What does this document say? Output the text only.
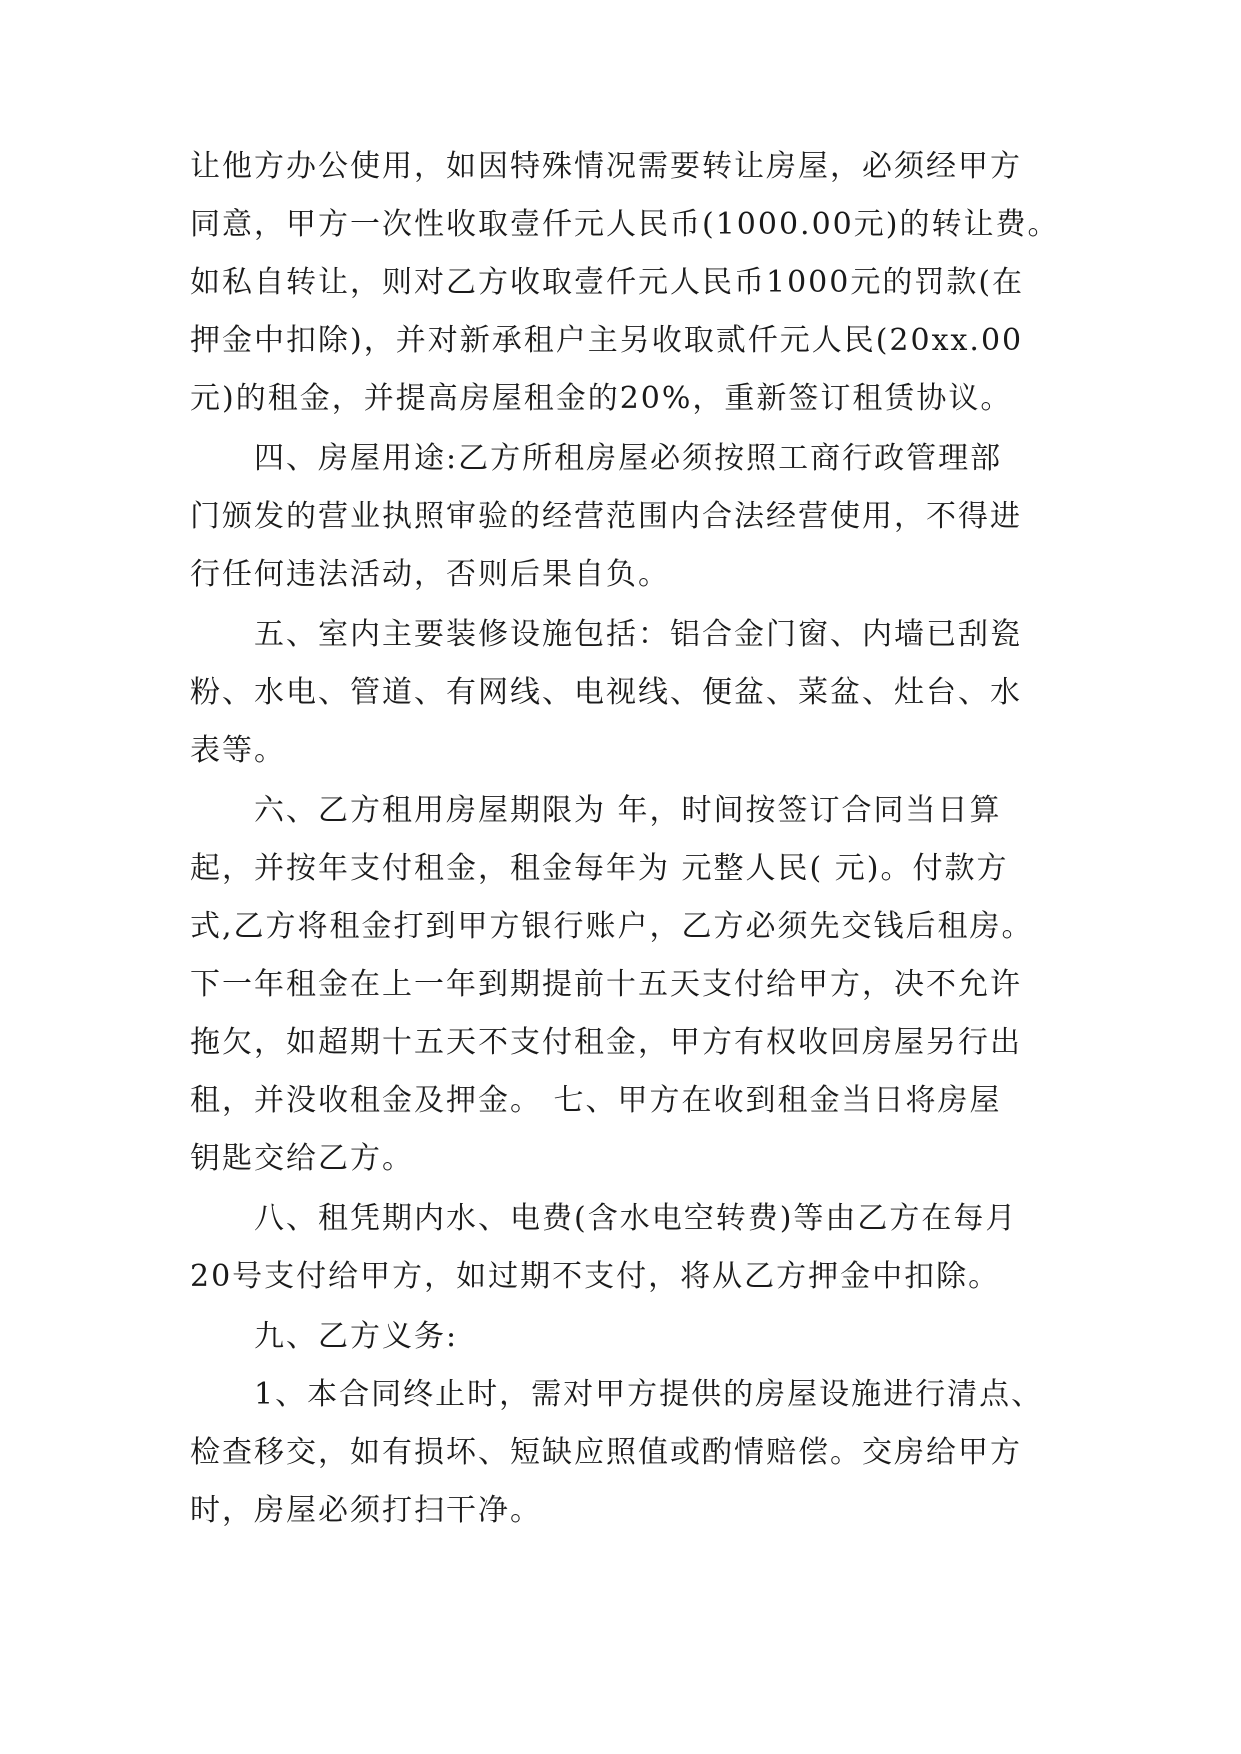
让他方办公使用，如因特殊情况需要转让房屋，必须经甲方
同意，甲方一次性收取壹仟元人民币(1000.00元)的转让费。
如私自转让，则对乙方收取壹仟元人民币1000元的罚款(在
押金中扣除)，并对新承租户主另收取贰仟元人民(20xx.00
元)的租金，并提高房屋租金的20%，重新签订租赁协议。
　　四、房屋用途:乙方所租房屋必须按照工商行政管理部
门颁发的营业执照审验的经营范围内合法经营使用，不得进
行任何违法活动，否则后果自负。
　　五、室内主要装修设施包括：铝合金门窗、内墙已刮瓷
粉、水电、管道、有网线、电视线、便盆、菜盆、灶台、水
表等。
　　六、乙方租用房屋期限为 年，时间按签订合同当日算
起，并按年支付租金，租金每年为 元整人民( 元)。付款方
式,乙方将租金打到甲方银行账户，乙方必须先交钱后租房。
下一年租金在上一年到期提前十五天支付给甲方，决不允许
拖欠，如超期十五天不支付租金，甲方有权收回房屋另行出
租，并没收租金及押金。 七、甲方在收到租金当日将房屋
钥匙交给乙方。
　　八、租凭期内水、电费(含水电空转费)等由乙方在每月
20号支付给甲方，如过期不支付，将从乙方押金中扣除。
　　九、乙方义务:
　　1、本合同终止时，需对甲方提供的房屋设施进行清点、
检查移交，如有损坏、短缺应照值或酌情赔偿。交房给甲方
时，房屋必须打扫干净。
